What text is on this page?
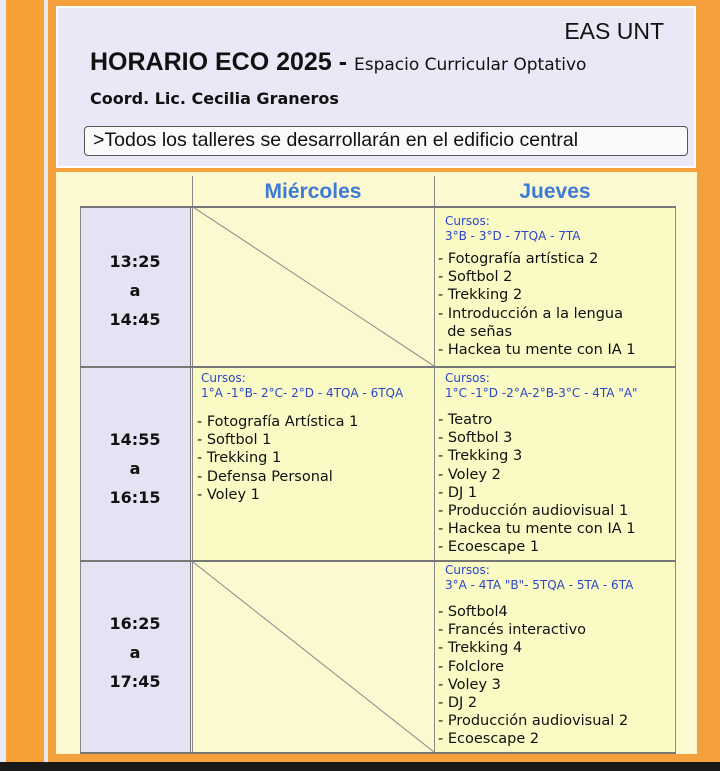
EAS UNT
HORARIO ECO 2025 - Espacio Curricular Optativo
Coord. Lic. Cecilia Graneros
>Todos los talleres se desarrollarán en el edificio central
Miércoles	Jueves
13:25
a
14:45
14:55
a
16:15
16:25
a
17:45
Cursos:
3°B - 3°D - 7TQA - 7TA
- Fotografía artística 2
- Softbol 2
- Trekking 2
- Introducción a la lengua
de señas
- Hackea tu mente con IA 1
Cursos:
1°A -1°B- 2°C- 2°D - 4TQA - 6TQA
- Fotografía Artística 1
- Softbol 1
- Trekking 1
- Defensa Personal
- Voley 1
Cursos:
1°C -1°D -2°A-2°B-3°C - 4TA "A"
- Teatro
- Softbol 3
- Trekking 3
- Voley 2
- DJ 1
- Producción audiovisual 1
- Hackea tu mente con IA 1
- Ecoescape 1
Cursos:
3°A - 4TA "B"- 5TQA - 5TA - 6TA
- Softbol4
- Francés interactivo
- Trekking 4
- Folclore
- Voley 3
- DJ 2
- Producción audiovisual 2
- Ecoescape 2
